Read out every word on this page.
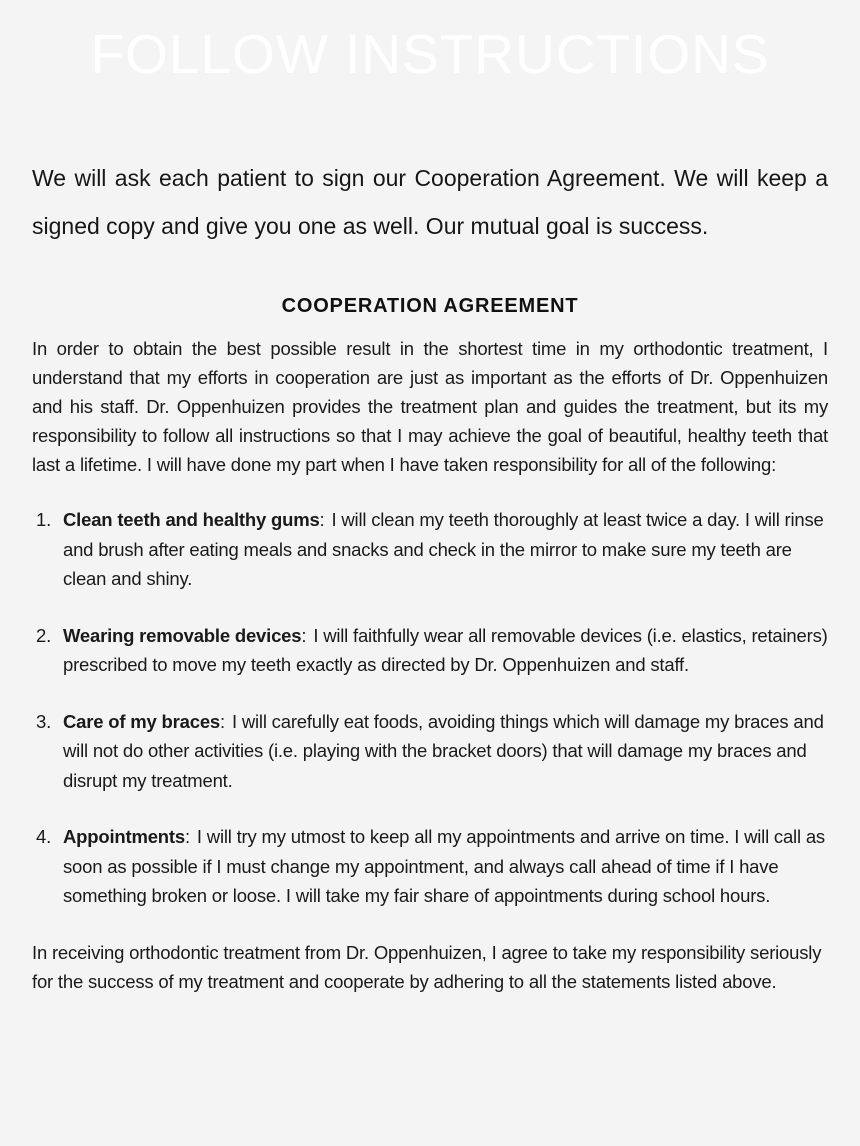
FOLLOW INSTRUCTIONS

We will ask each patient to sign our Cooperation Agreement. We will keep a signed copy and give you one as well. Our mutual goal is success.

COOPERATION AGREEMENT

In order to obtain the best possible result in the shortest time in my orthodontic treatment, I understand that my efforts in cooperation are just as important as the efforts of Dr. Oppenhuizen and his staff. Dr. Oppenhuizen provides the treatment plan and guides the treatment, but its my responsibility to follow all instructions so that I may achieve the goal of beautiful, healthy teeth that last a lifetime. I will have done my part when I have taken responsibility for all of the following:

1. Clean teeth and healthy gums: I will clean my teeth thoroughly at least twice a day. I will rinse and brush after eating meals and snacks and check in the mirror to make sure my teeth are clean and shiny.
2. Wearing removable devices: I will faithfully wear all removable devices (i.e. elastics, retainers) prescribed to move my teeth exactly as directed by Dr. Oppenhuizen and staff.
3. Care of my braces: I will carefully eat foods, avoiding things which will damage my braces and will not do other activities (i.e. playing with the bracket doors) that will damage my braces and disrupt my treatment.
4. Appointments: I will try my utmost to keep all my appointments and arrive on time. I will call as soon as possible if I must change my appointment, and always call ahead of time if I have something broken or loose. I will take my fair share of appointments during school hours.

In receiving orthodontic treatment from Dr. Oppenhuizen, I agree to take my responsibility seriously for the success of my treatment and cooperate by adhering to all the statements listed above.
